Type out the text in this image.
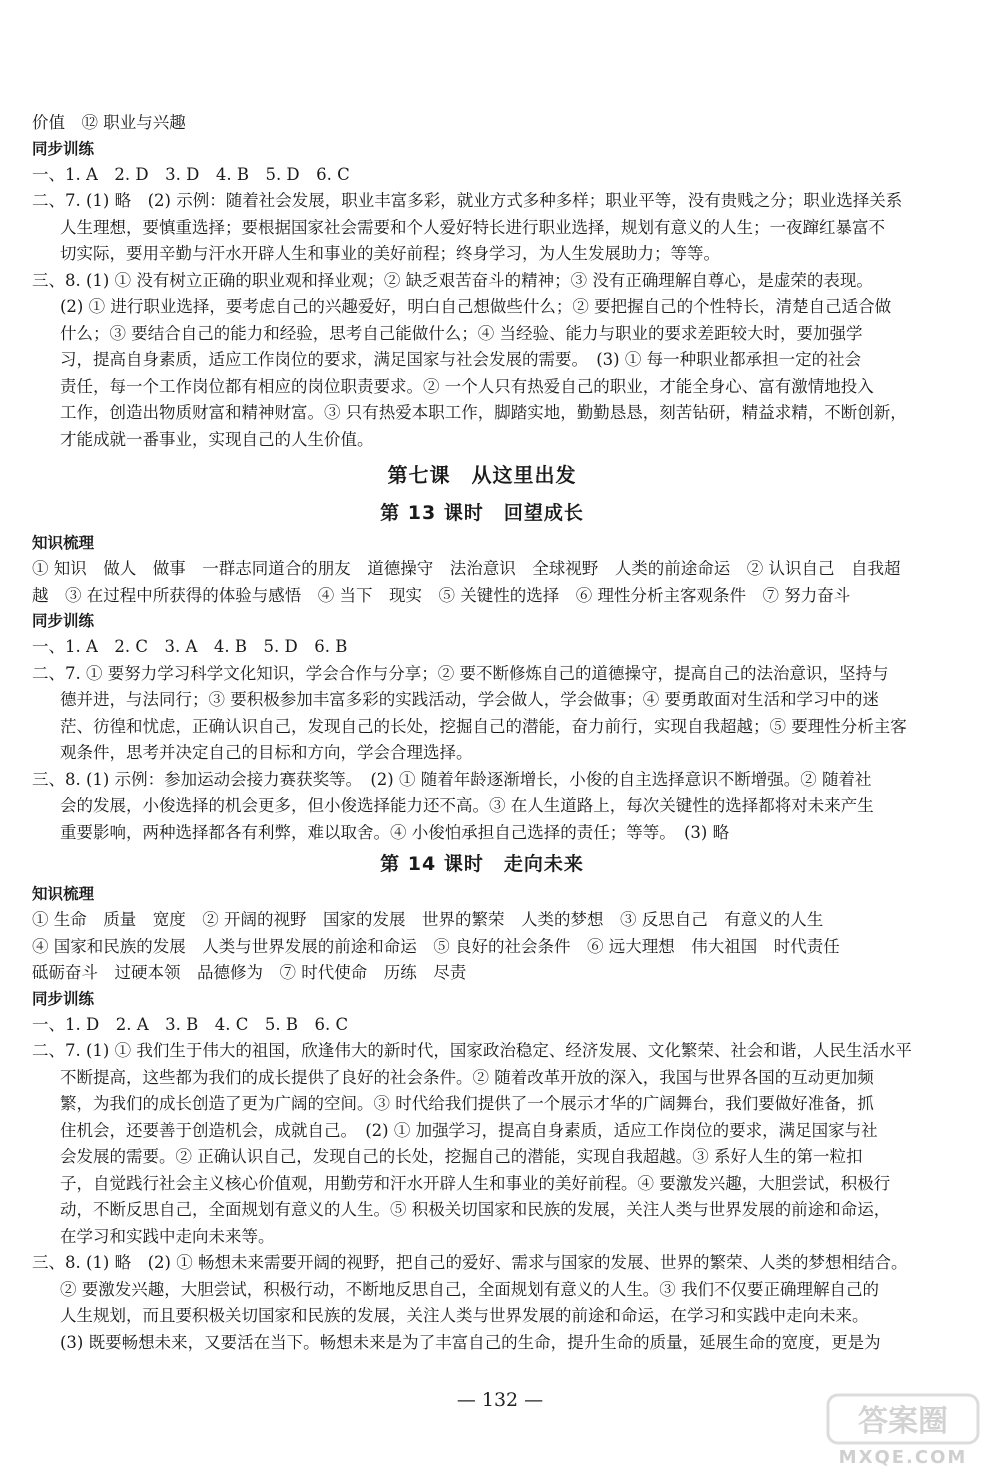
价值　⑫ 职业与兴趣

同步训练

一、1. A　2. D　3. D　4. B　5. D　6. C

二、7. (1) 略　(2) 示例：随着社会发展，职业丰富多彩，就业方式多种多样；职业平等，没有贵贱之分；职业选择关系

人生理想，要慎重选择；要根据国家社会需要和个人爱好特长进行职业选择，规划有意义的人生；一夜蹿红暴富不

切实际，要用辛勤与汗水开辟人生和事业的美好前程；终身学习，为人生发展助力；等等。

三、8. (1) ① 没有树立正确的职业观和择业观；② 缺乏艰苦奋斗的精神；③ 没有正确理解自尊心，是虚荣的表现。

(2) ① 进行职业选择，要考虑自己的兴趣爱好，明白自己想做些什么；② 要把握自己的个性特长，清楚自己适合做

什么；③ 要结合自己的能力和经验，思考自己能做什么；④ 当经验、能力与职业的要求差距较大时，要加强学

习，提高自身素质，适应工作岗位的要求，满足国家与社会发展的需要。　(3) ① 每一种职业都承担一定的社会

责任，每一个工作岗位都有相应的岗位职责要求。② 一个人只有热爱自己的职业，才能全身心、富有激情地投入

工作，创造出物质财富和精神财富。③ 只有热爱本职工作，脚踏实地，勤勤恳恳，刻苦钻研，精益求精，不断创新，

才能成就一番事业，实现自己的人生价值。

第七课　从这里出发

第 13 课时　回望成长

知识梳理

① 知识　做人　做事　一群志同道合的朋友　道德操守　法治意识　全球视野　人类的前途命运　② 认识自己　自我超

越　③ 在过程中所获得的体验与感悟　④ 当下　现实　⑤ 关键性的选择　⑥ 理性分析主客观条件　⑦ 努力奋斗

同步训练

一、1. A　2. C　3. A　4. B　5. D　6. B

二、7. ① 要努力学习科学文化知识，学会合作与分享；② 要不断修炼自己的道德操守，提高自己的法治意识，坚持与

德并进，与法同行；③ 要积极参加丰富多彩的实践活动，学会做人，学会做事；④ 要勇敢面对生活和学习中的迷

茫、彷徨和忧虑，正确认识自己，发现自己的长处，挖掘自己的潜能，奋力前行，实现自我超越；⑤ 要理性分析主客

观条件，思考并决定自己的目标和方向，学会合理选择。

三、8. (1) 示例：参加运动会接力赛获奖等。　(2) ① 随着年龄逐渐增长，小俊的自主选择意识不断增强。② 随着社

会的发展，小俊选择的机会更多，但小俊选择能力还不高。③ 在人生道路上，每次关键性的选择都将对未来产生

重要影响，两种选择都各有利弊，难以取舍。④ 小俊怕承担自己选择的责任；等等。　(3) 略

第 14 课时　走向未来

知识梳理

① 生命　质量　宽度　② 开阔的视野　国家的发展　世界的繁荣　人类的梦想　③ 反思自己　有意义的人生

④ 国家和民族的发展　人类与世界发展的前途和命运　⑤ 良好的社会条件　⑥ 远大理想　伟大祖国　时代责任

砥砺奋斗　过硬本领　品德修为　⑦ 时代使命　历练　尽责

同步训练

一、1. D　2. A　3. B　4. C　5. B　6. C

二、7. (1) ① 我们生于伟大的祖国，欣逢伟大的新时代，国家政治稳定、经济发展、文化繁荣、社会和谐，人民生活水平

不断提高，这些都为我们的成长提供了良好的社会条件。② 随着改革开放的深入，我国与世界各国的互动更加频

繁，为我们的成长创造了更为广阔的空间。③ 时代给我们提供了一个展示才华的广阔舞台，我们要做好准备，抓

住机会，还要善于创造机会，成就自己。　(2) ① 加强学习，提高自身素质，适应工作岗位的要求，满足国家与社

会发展的需要。② 正确认识自己，发现自己的长处，挖掘自己的潜能，实现自我超越。③ 系好人生的第一粒扣

子，自觉践行社会主义核心价值观，用勤劳和汗水开辟人生和事业的美好前程。④ 要激发兴趣，大胆尝试，积极行

动，不断反思自己，全面规划有意义的人生。⑤ 积极关切国家和民族的发展，关注人类与世界发展的前途和命运，

在学习和实践中走向未来等。

三、8. (1) 略　(2) ① 畅想未来需要开阔的视野，把自己的爱好、需求与国家的发展、世界的繁荣、人类的梦想相结合。

② 要激发兴趣，大胆尝试，积极行动，不断地反思自己，全面规划有意义的人生。③ 我们不仅要正确理解自己的

人生规划，而且要积极关切国家和民族的发展，关注人类与世界发展的前途和命运，在学习和实践中走向未来。

(3) 既要畅想未来，又要活在当下。畅想未来是为了丰富自己的生命，提升生命的质量，延展生命的宽度，更是为

— 132 —
答案圈
MXQE.COM
